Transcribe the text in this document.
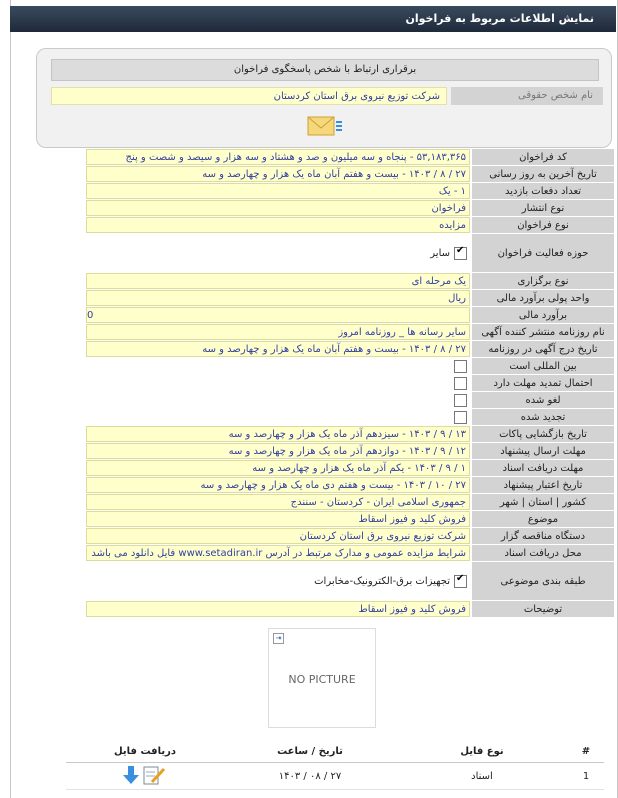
نمایش اطلاعات مربوط به فراخوان
برقراری ارتباط با شخص پاسخگوی فراخوان
نام شخص حقوقی
شرکت توزیع نیروی برق استان کردستان
کد فراخوان
۵۳,۱۸۳,۳۶۵ - پنجاه و سه میلیون و صد و هشتاد و سه هزار و سیصد و شصت و پنج
تاریخ آخرین به روز رسانی
۲۷ / ۸ / ۱۴۰۳ - بیست و هفتم آبان ماه یک هزار و چهارصد و سه
تعداد دفعات بازدید
۱ - یک
نوع انتشار
فراخوان
نوع فراخوان
مزایده
حوزه فعالیت فراخوان
✔
سایر
نوع برگزاری
یک مرحله ای
واحد پولی برآورد مالی
ریال
برآورد مالی
0
نام روزنامه منتشر کننده آگهی
سایر رسانه ها _ روزنامه امروز
تاریخ درج آگهی در روزنامه
۲۷ / ۸ / ۱۴۰۳ - بیست و هفتم آبان ماه یک هزار و چهارصد و سه
بین المللی است
احتمال تمدید مهلت دارد
لغو شده
تجدید شده
تاریخ بازگشایی پاکات
۱۳ / ۹ / ۱۴۰۳ - سیزدهم آذر ماه یک هزار و چهارصد و سه
مهلت ارسال پیشنهاد
۱۲ / ۹ / ۱۴۰۳ - دوازدهم آذر ماه یک هزار و چهارصد و سه
مهلت دریافت اسناد
۱ / ۹ / ۱۴۰۳ - یکم آذر ماه یک هزار و چهارصد و سه
تاریخ اعتبار پیشنهاد
۲۷ / ۱۰ / ۱۴۰۳ - بیست و هفتم دی ماه یک هزار و چهارصد و سه
کشور | استان | شهر
جمهوری اسلامی ایران - کردستان - سنندج
موضوع
فروش کلید و فیوز اسقاط
دستگاه مناقصه گزار
شرکت توزیع نیروی برق استان کردستان
محل دریافت اسناد
شرایط مزایده عمومی و مدارک مرتبط در آدرس www.setadiran.ir فایل دانلود می باشد
طبقه بندی موضوعی
✔
تجهیزات برق-الکترونیک-مخابرات
توضیحات
فروش کلید و فیوز اسقاط
⇥
NO PICTURE
#	نوع فایل	تاریخ / ساعت	دریافت فایل
1	اسناد	۲۷ / ۰۸ / ۱۴۰۳	
